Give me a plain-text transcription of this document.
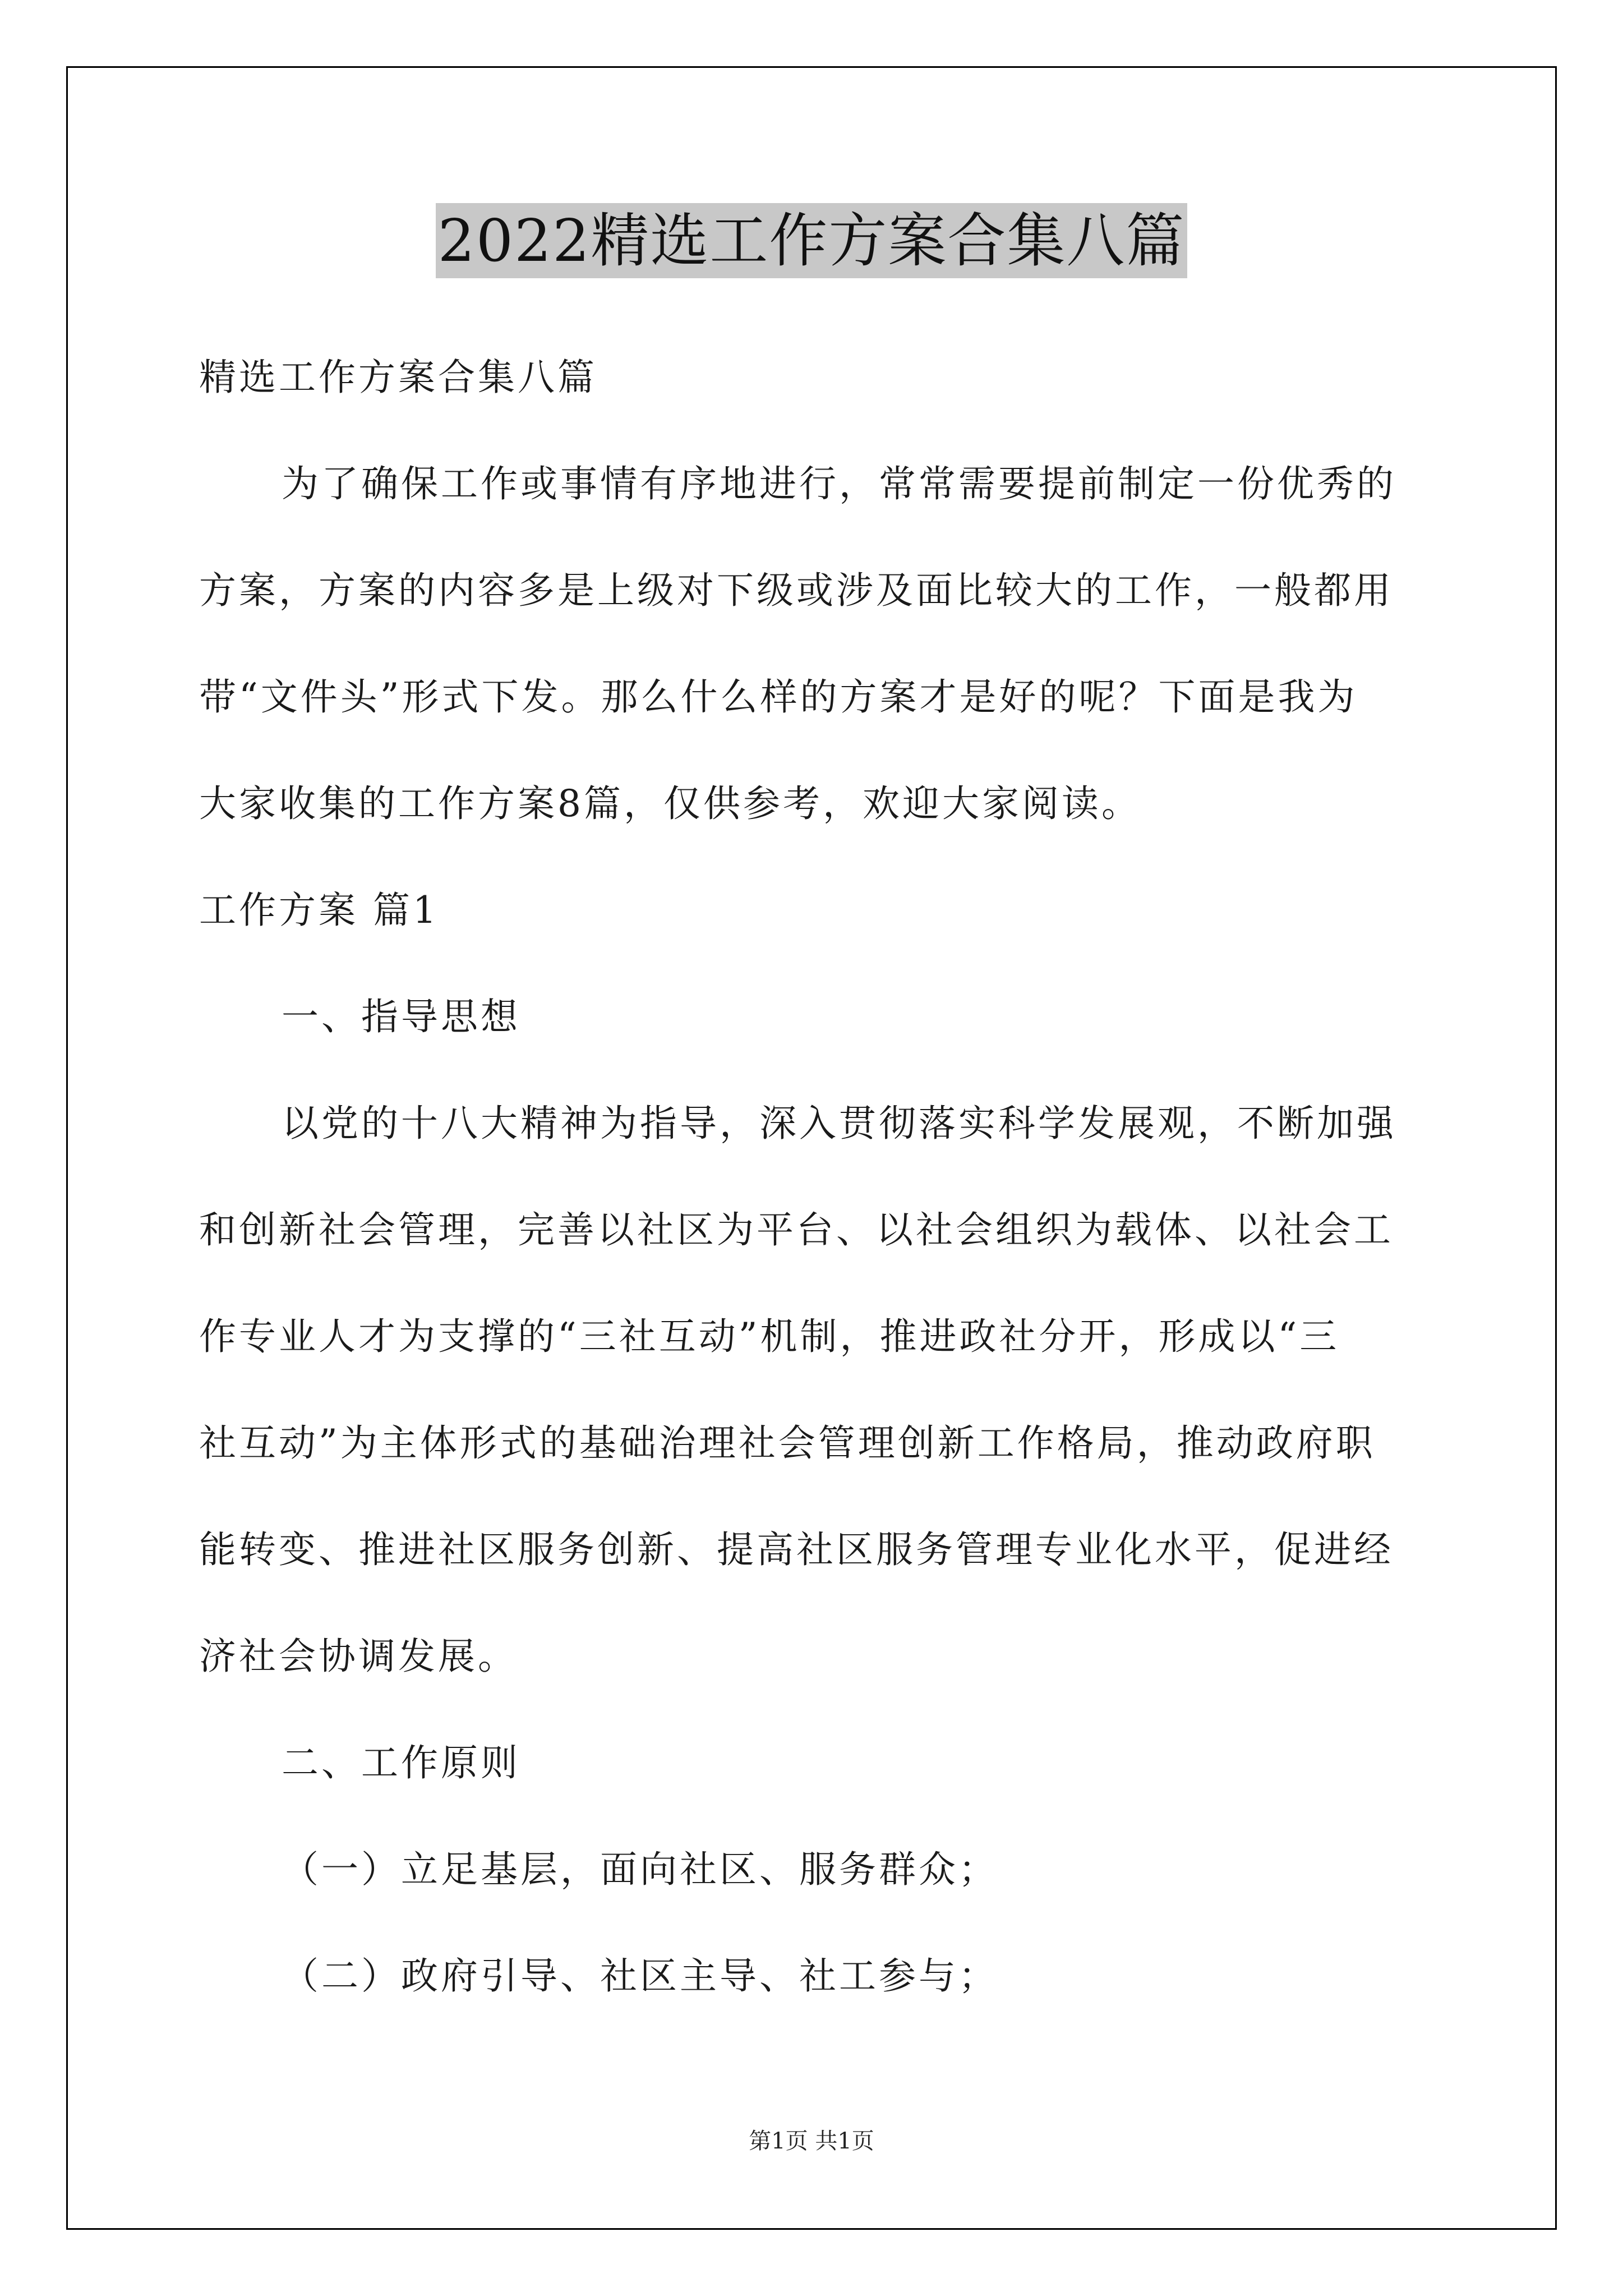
2022精选工作方案合集八篇
精选工作方案合集八篇
为了确保工作或事情有序地进行，常常需要提前制定一份优秀的
方案，方案的内容多是上级对下级或涉及面比较大的工作，一般都用
带“文件头”形式下发。那么什么样的方案才是好的呢？下面是我为
大家收集的工作方案8篇，仅供参考，欢迎大家阅读。
工作方案 篇1
一、指导思想
以党的十八大精神为指导，深入贯彻落实科学发展观，不断加强
和创新社会管理，完善以社区为平台、以社会组织为载体、以社会工
作专业人才为支撑的“三社互动”机制，推进政社分开，形成以“三
社互动”为主体形式的基础治理社会管理创新工作格局，推动政府职
能转变、推进社区服务创新、提高社区服务管理专业化水平，促进经
济社会协调发展。
二、工作原则
（一）立足基层，面向社区、服务群众；
（二）政府引导、社区主导、社工参与；
第1页 共1页
